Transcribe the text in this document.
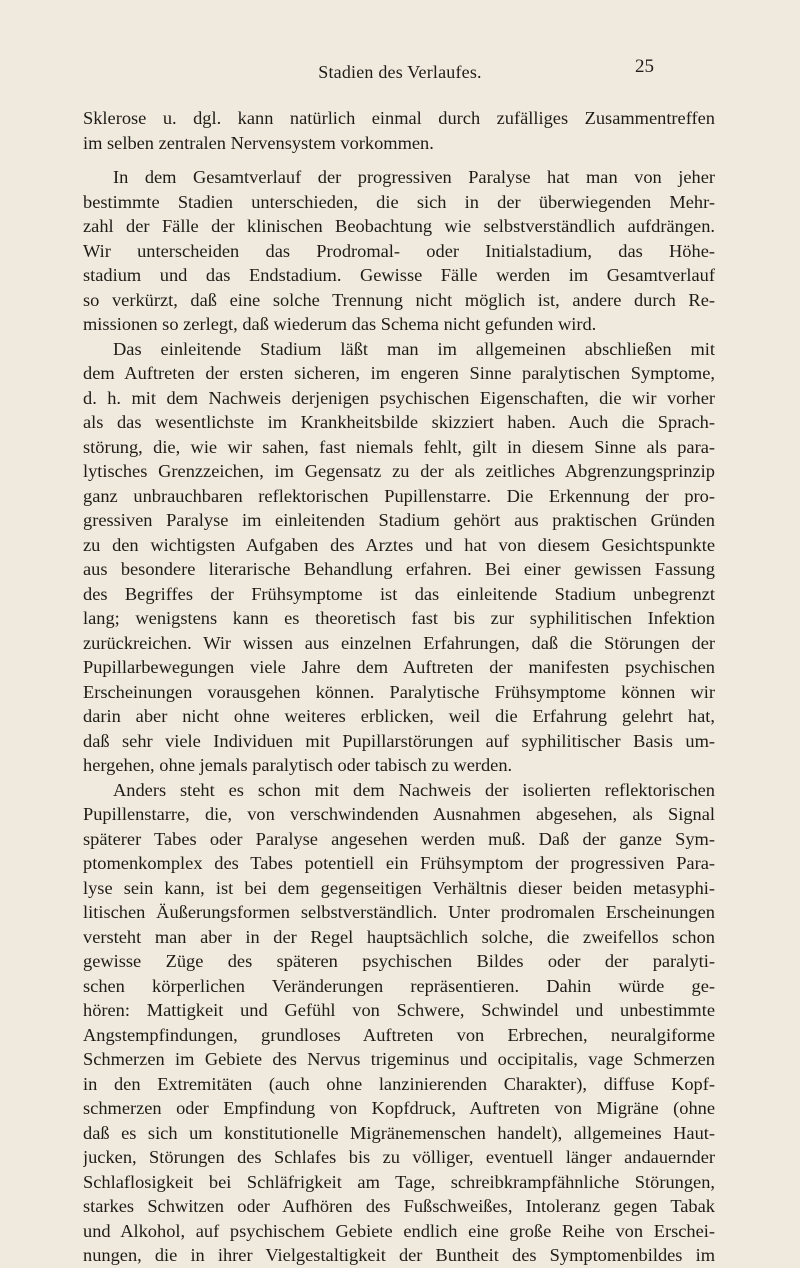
Stadien des Verlaufes.	25
Sklerose u. dgl. kann natürlich einmal durch zufälliges Zusammentreffen
im selben zentralen Nervensystem vorkommen.
In dem Gesamtverlauf der progressiven Paralyse hat man von jeher
bestimmte Stadien unterschieden, die sich in der überwiegenden Mehr-
zahl der Fälle der klinischen Beobachtung wie selbstverständlich aufdrängen.
Wir unterscheiden das Prodromal- oder Initialstadium, das Höhe-
stadium und das Endstadium. Gewisse Fälle werden im Gesamtverlauf
so verkürzt, daß eine solche Trennung nicht möglich ist, andere durch Re-
missionen so zerlegt, daß wiederum das Schema nicht gefunden wird.
Das einleitende Stadium läßt man im allgemeinen abschließen mit
dem Auftreten der ersten sicheren, im engeren Sinne paralytischen Symptome,
d. h. mit dem Nachweis derjenigen psychischen Eigenschaften, die wir vorher
als das wesentlichste im Krankheitsbilde skizziert haben. Auch die Sprach-
störung, die, wie wir sahen, fast niemals fehlt, gilt in diesem Sinne als para-
lytisches Grenzzeichen, im Gegensatz zu der als zeitliches Abgrenzungsprinzip
ganz unbrauchbaren reflektorischen Pupillenstarre. Die Erkennung der pro-
gressiven Paralyse im einleitenden Stadium gehört aus praktischen Gründen
zu den wichtigsten Aufgaben des Arztes und hat von diesem Gesichtspunkte
aus besondere literarische Behandlung erfahren. Bei einer gewissen Fassung
des Begriffes der Frühsymptome ist das einleitende Stadium unbegrenzt
lang; wenigstens kann es theoretisch fast bis zur syphilitischen Infektion
zurückreichen. Wir wissen aus einzelnen Erfahrungen, daß die Störungen der
Pupillarbewegungen viele Jahre dem Auftreten der manifesten psychischen
Erscheinungen vorausgehen können. Paralytische Frühsymptome können wir
darin aber nicht ohne weiteres erblicken, weil die Erfahrung gelehrt hat,
daß sehr viele Individuen mit Pupillarstörungen auf syphilitischer Basis um-
hergehen, ohne jemals paralytisch oder tabisch zu werden.
Anders steht es schon mit dem Nachweis der isolierten reflektorischen
Pupillenstarre, die, von verschwindenden Ausnahmen abgesehen, als Signal
späterer Tabes oder Paralyse angesehen werden muß. Daß der ganze Sym-
ptomenkomplex des Tabes potentiell ein Frühsymptom der progressiven Para-
lyse sein kann, ist bei dem gegenseitigen Verhältnis dieser beiden metasyphi-
litischen Äußerungsformen selbstverständlich. Unter prodromalen Erscheinungen
versteht man aber in der Regel hauptsächlich solche, die zweifellos schon
gewisse Züge des späteren psychischen Bildes oder der paralyti-
schen körperlichen Veränderungen repräsentieren. Dahin würde ge-
hören: Mattigkeit und Gefühl von Schwere, Schwindel und unbestimmte
Angstempfindungen, grundloses Auftreten von Erbrechen, neuralgiforme
Schmerzen im Gebiete des Nervus trigeminus und occipitalis, vage Schmerzen
in den Extremitäten (auch ohne lanzinierenden Charakter), diffuse Kopf-
schmerzen oder Empfindung von Kopfdruck, Auftreten von Migräne (ohne
daß es sich um konstitutionelle Migränemenschen handelt), allgemeines Haut-
jucken, Störungen des Schlafes bis zu völliger, eventuell länger andauernder
Schlaflosigkeit bei Schläfrigkeit am Tage, schreibkrampfähnliche Störungen,
starkes Schwitzen oder Aufhören des Fußschweißes, Intoleranz gegen Tabak
und Alkohol, auf psychischem Gebiete endlich eine große Reihe von Erschei-
nungen, die in ihrer Vielgestaltigkeit der Buntheit des Symptomenbildes im
